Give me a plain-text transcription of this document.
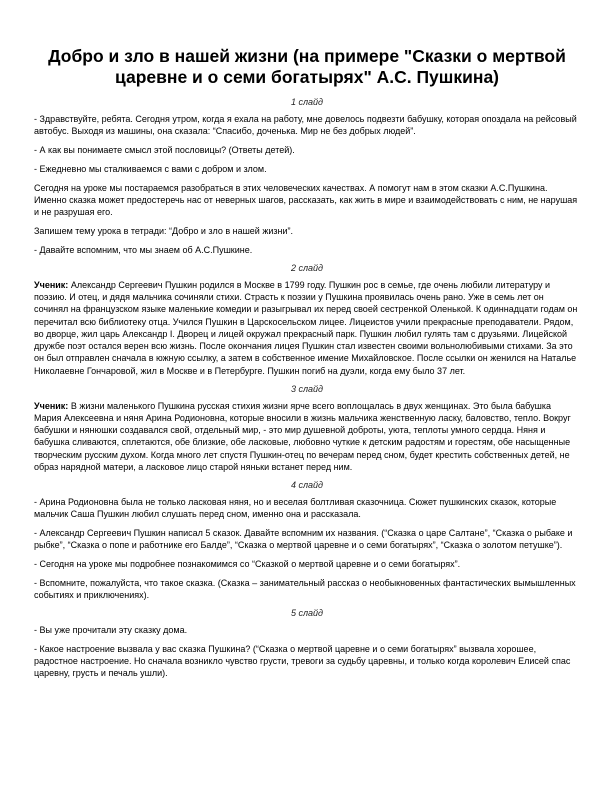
Добро и зло в нашей жизни (на примере "Сказки о мертвой царевне и о семи богатырях" А.С. Пушкина)
1 слайд

- Здравствуйте, ребята. Сегодня утром, когда я ехала на работу, мне довелось подвезти бабушку, которая опоздала на рейсовый автобус. Выходя из машины, она сказала: “Спасибо, доченька. Мир не без добрых людей”.

- А как вы понимаете смысл этой пословицы? (Ответы детей).

- Ежедневно мы сталкиваемся с вами с добром и злом.

Сегодня на уроке мы постараемся разобраться в этих человеческих качествах. А помогут нам в этом сказки А.С.Пушкина. Именно сказка может предостеречь нас от неверных шагов, рассказать, как жить в мире и взаимодействовать с ним, не нарушая и не разрушая его.

Запишем тему урока в тетради: “Добро и зло в нашей жизни”.

- Давайте вспомним, что мы знаем об А.С.Пушкине.

2 слайд

Ученик: Александр Сергеевич Пушкин родился в Москве в 1799 году. Пушкин рос в семье, где очень любили литературу и поэзию. И отец, и дядя мальчика сочиняли стихи. Страсть к поэзии у Пушкина проявилась очень рано. Уже в семь лет он сочинял на французском языке маленькие комедии и разыгрывал их перед своей сестренкой Оленькой. К одиннадцати годам он перечитал всю библиотеку отца. Учился Пушкин в Царскосельском лицее. Лицеистов учили прекрасные преподаватели. Рядом, во дворце, жил царь Александр I. Дворец и лицей окружал прекрасный парк. Пушкин любил гулять там с друзьями. Лицейской дружбе поэт остался верен всю жизнь. После окончания лицея Пушкин стал известен своими вольнолюбивыми стихами. За это он был отправлен сначала в южную ссылку, а затем в собственное имение Михайловское. После ссылки он женился на Наталье Николаевне Гончаровой, жил в Москве и в Петербурге. Пушкин погиб на дуэли, когда ему было 37 лет.

3 слайд

Ученик: В жизни маленького Пушкина русская стихия жизни ярче всего воплощалась в двух женщинах. Это была бабушка Мария Алексеевна и няня Арина Родионовна, которые вносили в жизнь мальчика женственную ласку, баловство, тепло. Вокруг бабушки и нянюшки создавался свой, отдельный мир, - это мир душевной доброты, уюта, теплоты умного сердца. Няня и бабушка сливаются, сплетаются, обе близкие, обе ласковые, любовно чуткие к детским радостям и горестям, обе насыщенные творческим русским духом. Когда много лет спустя Пушкин-отец по вечерам перед сном, будет крестить собственных детей, не образ нарядной матери, а ласковое лицо старой няньки встанет перед ним.

4 слайд

- Арина Родионовна была не только ласковая няня, но и веселая болтливая сказочница. Сюжет пушкинских сказок, которые мальчик Саша Пушкин любил слушать перед сном, именно она и рассказала.

- Александр Сергеевич Пушкин написал 5 сказок. Давайте вспомним их названия. (“Сказка о царе Салтане”, “Сказка о рыбаке и рыбке”, “Сказка о попе и работнике его Балде”, “Сказка о мертвой царевне и о семи богатырях”, “Сказка о золотом петушке”).

- Сегодня на уроке мы подробнее познакомимся со “Сказкой о мертвой царевне и о семи богатырях”.

- Вспомните, пожалуйста, что такое сказка. (Сказка – занимательный рассказ о необыкновенных фантастических вымышленных событиях и приключениях).

5 слайд

- Вы уже прочитали эту сказку дома.

- Какое настроение вызвала у вас сказка Пушкина? (“Сказка о мертвой царевне и о семи богатырях” вызвала хорошее, радостное настроение. Но сначала возникло чувство грусти, тревоги за судьбу царевны, и только когда королевич Елисей спас царевну, грусть и печаль ушли).
